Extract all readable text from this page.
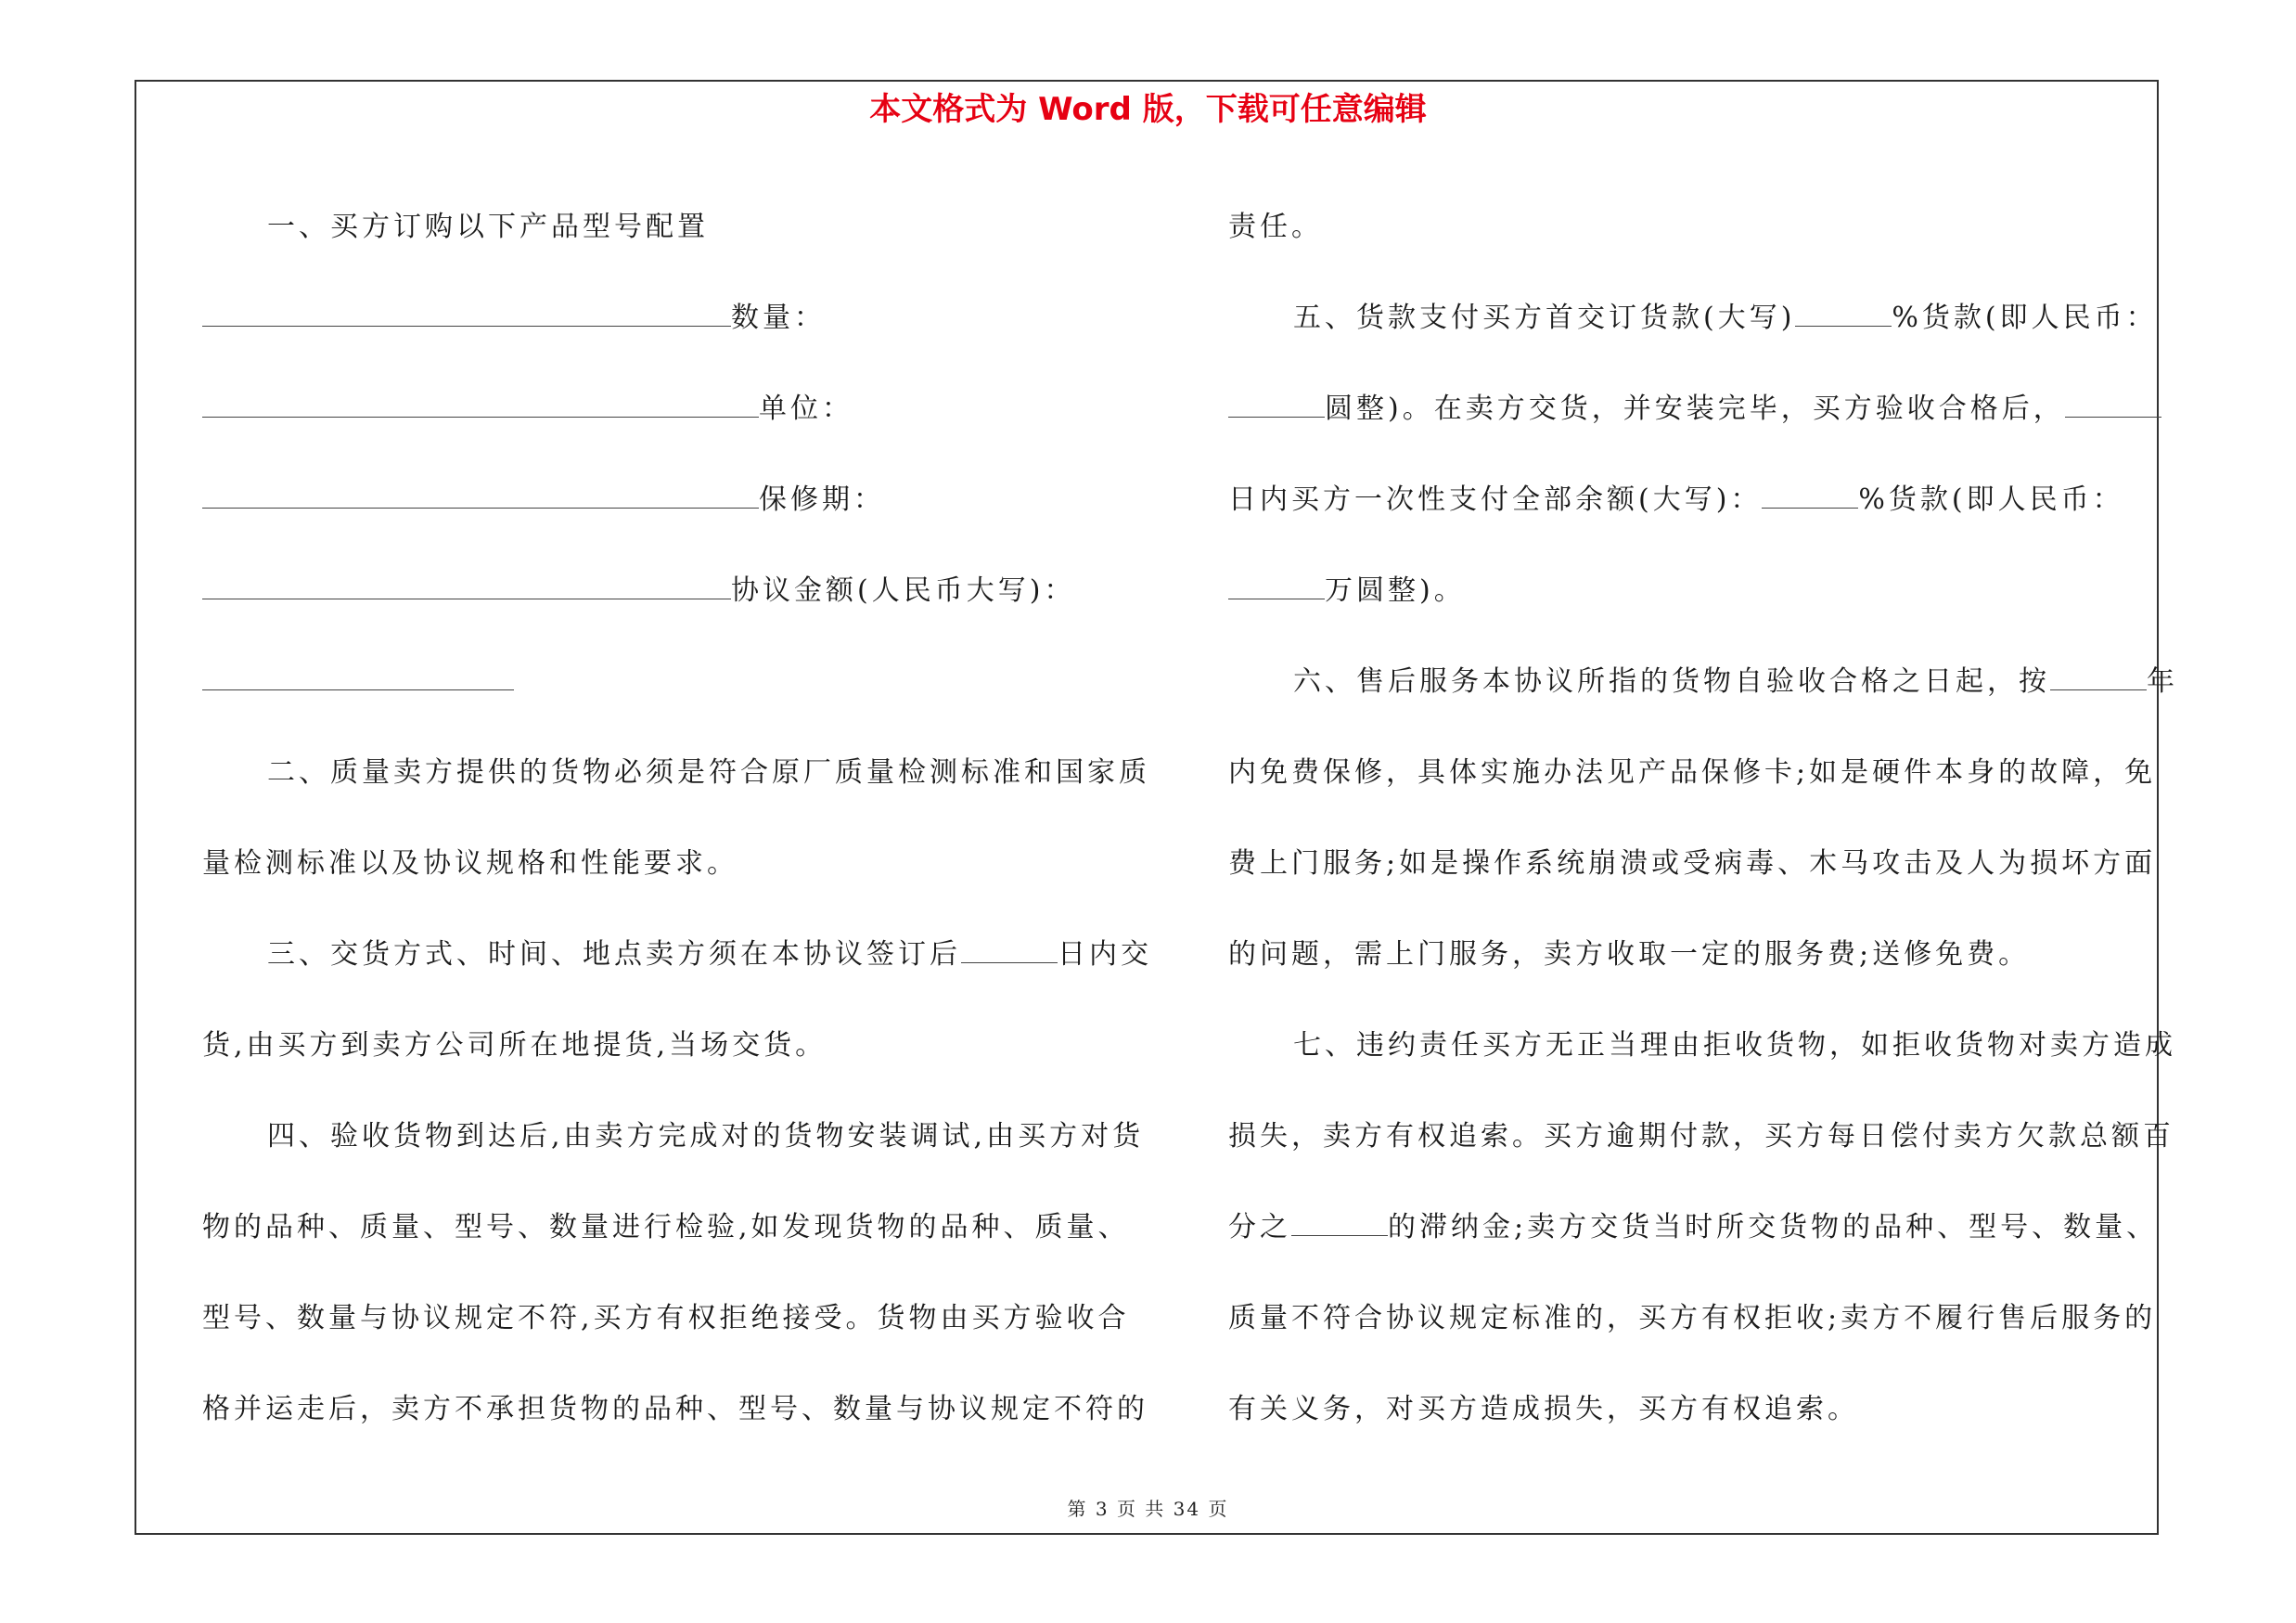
本文格式为 Word 版，下载可任意编辑
一、买方订购以下产品型号配置
数量：
单位：
保修期：
协议金额(人民币大写)：
二、质量卖方提供的货物必须是符合原厂质量检测标准和国家质
量检测标准以及协议规格和性能要求。
三、交货方式、时间、地点卖方须在本协议签订后	日内交
货,由买方到卖方公司所在地提货,当场交货。
四、验收货物到达后,由卖方完成对的货物安装调试,由买方对货
物的品种、质量、型号、数量进行检验,如发现货物的品种、质量、
型号、数量与协议规定不符,买方有权拒绝接受。货物由买方验收合
格并运走后，卖方不承担货物的品种、型号、数量与协议规定不符的
责任。
五、货款支付买方首交订货款(大写)	%货款(即人民币：
圆整)。在卖方交货，并安装完毕，买方验收合格后，
日内买方一次性支付全部余额(大写)：	%货款(即人民币：
万圆整)。
六、售后服务本协议所指的货物自验收合格之日起，按	年
内免费保修，具体实施办法见产品保修卡;如是硬件本身的故障，免
费上门服务;如是操作系统崩溃或受病毒、木马攻击及人为损坏方面
的问题，需上门服务，卖方收取一定的服务费;送修免费。
七、违约责任买方无正当理由拒收货物，如拒收货物对卖方造成
损失，卖方有权追索。买方逾期付款，买方每日偿付卖方欠款总额百
分之	的滞纳金;卖方交货当时所交货物的品种、型号、数量、
质量不符合协议规定标准的，买方有权拒收;卖方不履行售后服务的
有关义务，对买方造成损失，买方有权追索。
第 3 页 共 34 页
